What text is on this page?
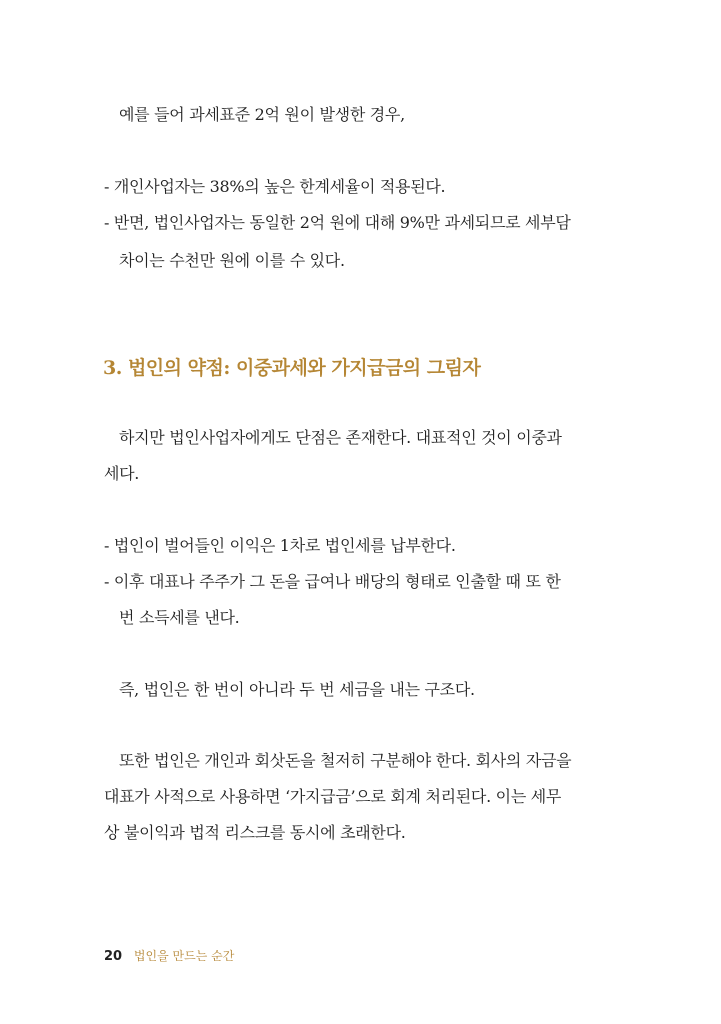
예를 들어 과세표준 2억 원이 발생한 경우,
- 개인사업자는 38%의 높은 한계세율이 적용된다.
- 반면, 법인사업자는 동일한 2억 원에 대해 9%만 과세되므로 세부담
차이는 수천만 원에 이를 수 있다.
3. 법인의 약점: 이중과세와 가지급금의 그림자
하지만 법인사업자에게도 단점은 존재한다. 대표적인 것이 이중과
세다.
- 법인이 벌어들인 이익은 1차로 법인세를 납부한다.
- 이후 대표나 주주가 그 돈을 급여나 배당의 형태로 인출할 때 또 한
번 소득세를 낸다.
즉, 법인은 한 번이 아니라 두 번 세금을 내는 구조다.
또한 법인은 개인과 회삿돈을 철저히 구분해야 한다. 회사의 자금을
대표가 사적으로 사용하면 ‘가지급금’으로 회계 처리된다. 이는 세무
상 불이익과 법적 리스크를 동시에 초래한다.
20 법인을 만드는 순간
